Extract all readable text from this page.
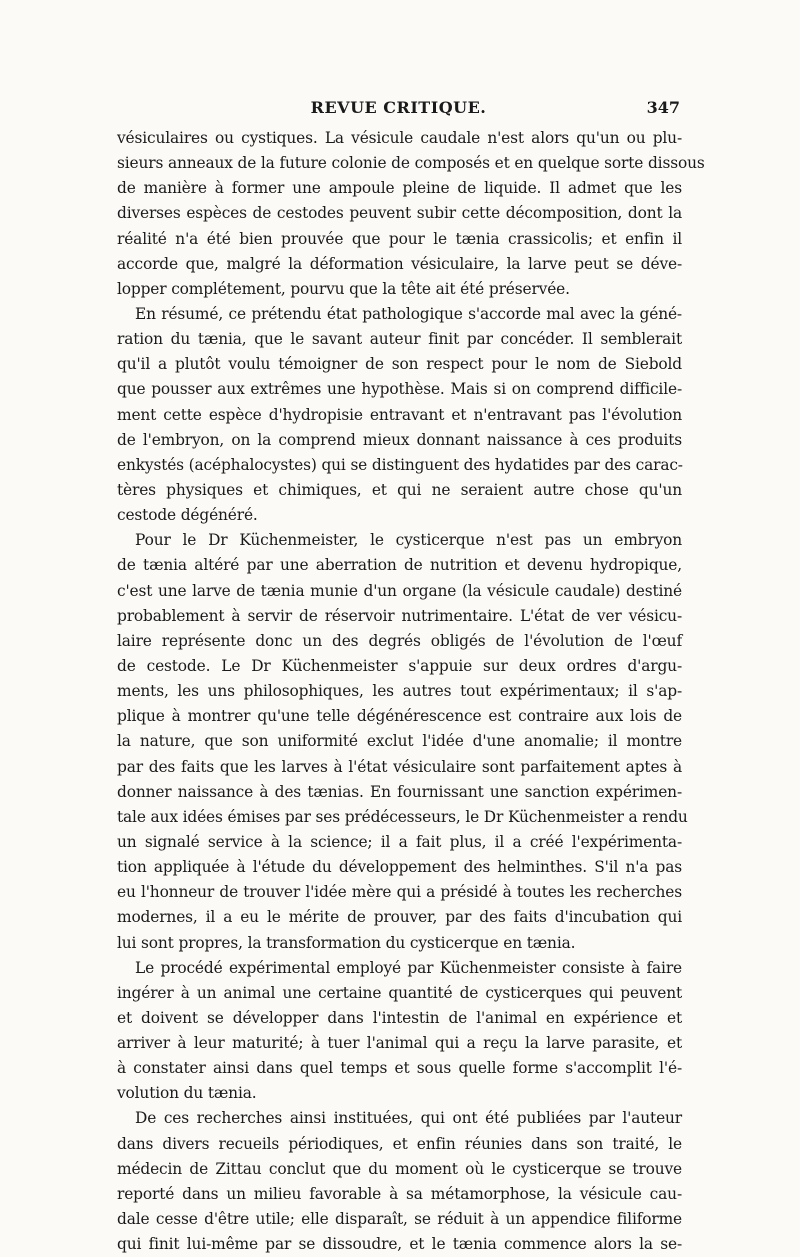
REVUE CRITIQUE.	347
vésiculaires ou cystiques. La vésicule caudale n'est alors qu'un ou plu-
sieurs anneaux de la future colonie de composés et en quelque sorte dissous
de manière à former une ampoule pleine de liquide. Il admet que les
diverses espèces de cestodes peuvent subir cette décomposition, dont la
réalité n'a été bien prouvée que pour le tænia crassicolis; et enfin il
accorde que, malgré la déformation vésiculaire, la larve peut se déve-
lopper complétement, pourvu que la tête ait été préservée.
En résumé, ce prétendu état pathologique s'accorde mal avec la géné-
ration du tænia, que le savant auteur finit par concéder. Il semblerait
qu'il a plutôt voulu témoigner de son respect pour le nom de Siebold
que pousser aux extrêmes une hypothèse. Mais si on comprend difficile-
ment cette espèce d'hydropisie entravant et n'entravant pas l'évolution
de l'embryon, on la comprend mieux donnant naissance à ces produits
enkystés (acéphalocystes) qui se distinguent des hydatides par des carac-
tères physiques et chimiques, et qui ne seraient autre chose qu'un
cestode dégénéré.
Pour le Dr Küchenmeister, le cysticerque n'est pas un embryon
de tænia altéré par une aberration de nutrition et devenu hydropique,
c'est une larve de tænia munie d'un organe (la vésicule caudale) destiné
probablement à servir de réservoir nutrimentaire. L'état de ver vésicu-
laire représente donc un des degrés obligés de l'évolution de l'œuf
de cestode. Le Dr Küchenmeister s'appuie sur deux ordres d'argu-
ments, les uns philosophiques, les autres tout expérimentaux; il s'ap-
plique à montrer qu'une telle dégénérescence est contraire aux lois de
la nature, que son uniformité exclut l'idée d'une anomalie; il montre
par des faits que les larves à l'état vésiculaire sont parfaitement aptes à
donner naissance à des tænias. En fournissant une sanction expérimen-
tale aux idées émises par ses prédécesseurs, le Dr Küchenmeister a rendu
un signalé service à la science; il a fait plus, il a créé l'expérimenta-
tion appliquée à l'étude du développement des helminthes. S'il n'a pas
eu l'honneur de trouver l'idée mère qui a présidé à toutes les recherches
modernes, il a eu le mérite de prouver, par des faits d'incubation qui
lui sont propres, la transformation du cysticerque en tænia.
Le procédé expérimental employé par Küchenmeister consiste à faire
ingérer à un animal une certaine quantité de cysticerques qui peuvent
et doivent se développer dans l'intestin de l'animal en expérience et
arriver à leur maturité; à tuer l'animal qui a reçu la larve parasite, et
à constater ainsi dans quel temps et sous quelle forme s'accomplit l'é-
volution du tænia.
De ces recherches ainsi instituées, qui ont été publiées par l'auteur
dans divers recueils périodiques, et enfin réunies dans son traité, le
médecin de Zittau conclut que du moment où le cysticerque se trouve
reporté dans un milieu favorable à sa métamorphose, la vésicule cau-
dale cesse d'être utile; elle disparaît, se réduit à un appendice filiforme
qui finit lui-même par se dissoudre, et le tænia commence alors la se-
